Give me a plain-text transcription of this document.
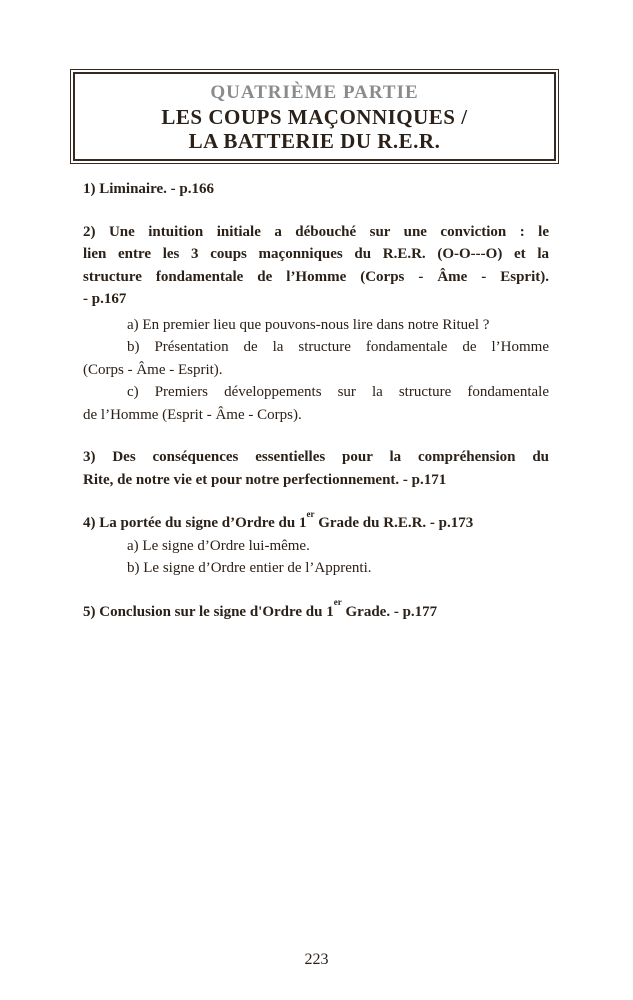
QUATRIÈME PARTIE
LES COUPS MAÇONNIQUES /
LA BATTERIE DU R.E.R.
1) Liminaire. - p.166
2) Une intuition initiale a débouché sur une conviction : le
lien entre les 3 coups maçonniques du R.E.R. (O-O---O) et la
structure fondamentale de l’Homme (Corps - Âme - Esprit).
- p.167
a) En premier lieu que pouvons-nous lire dans notre Rituel ?
b) Présentation de la structure fondamentale de l’Homme
(Corps - Âme - Esprit).
c) Premiers développements sur la structure fondamentale
de l’Homme (Esprit - Âme - Corps).
3) Des conséquences essentielles pour la compréhension du
Rite, de notre vie et pour notre perfectionnement. - p.171
4) La portée du signe d’Ordre du 1er Grade du R.E.R. - p.173
a) Le signe d’Ordre lui-même.
b) Le signe d’Ordre entier de l’Apprenti.
5) Conclusion sur le signe d'Ordre du 1er Grade. - p.177
223
